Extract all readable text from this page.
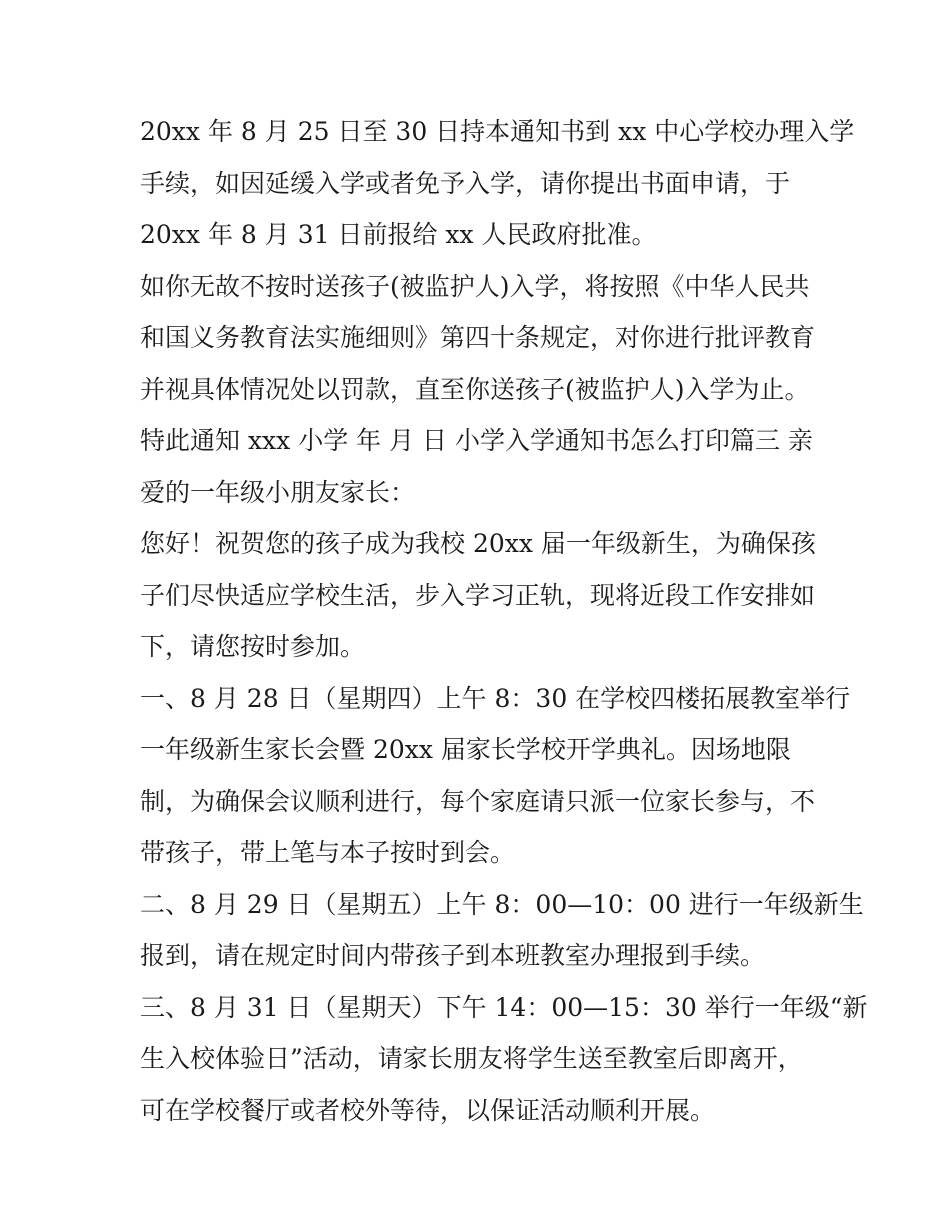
20xx 年 8 月 25 日至 30 日持本通知书到 xx 中心学校办理入学
手续，如因延缓入学或者免予入学，请你提出书面申请，于
20xx 年 8 月 31 日前报给 xx 人民政府批准。
如你无故不按时送孩子(被监护人)入学，将按照《中华人民共
和国义务教育法实施细则》第四十条规定，对你进行批评教育
并视具体情况处以罚款，直至你送孩子(被监护人)入学为止。
特此通知 xxx 小学 年 月 日 小学入学通知书怎么打印篇三 亲
爱的一年级小朋友家长：
您好！祝贺您的孩子成为我校 20xx 届一年级新生，为确保孩
子们尽快适应学校生活，步入学习正轨，现将近段工作安排如
下，请您按时参加。
一、8 月 28 日（星期四）上午 8：30 在学校四楼拓展教室举行
一年级新生家长会暨 20xx 届家长学校开学典礼。因场地限
制，为确保会议顺利进行，每个家庭请只派一位家长参与，不
带孩子，带上笔与本子按时到会。
二、8 月 29 日（星期五）上午 8：00—10：00 进行一年级新生
报到，请在规定时间内带孩子到本班教室办理报到手续。
三、8 月 31 日（星期天）下午 14：00—15：30 举行一年级“新
生入校体验日”活动，请家长朋友将学生送至教室后即离开，
可在学校餐厅或者校外等待，以保证活动顺利开展。
